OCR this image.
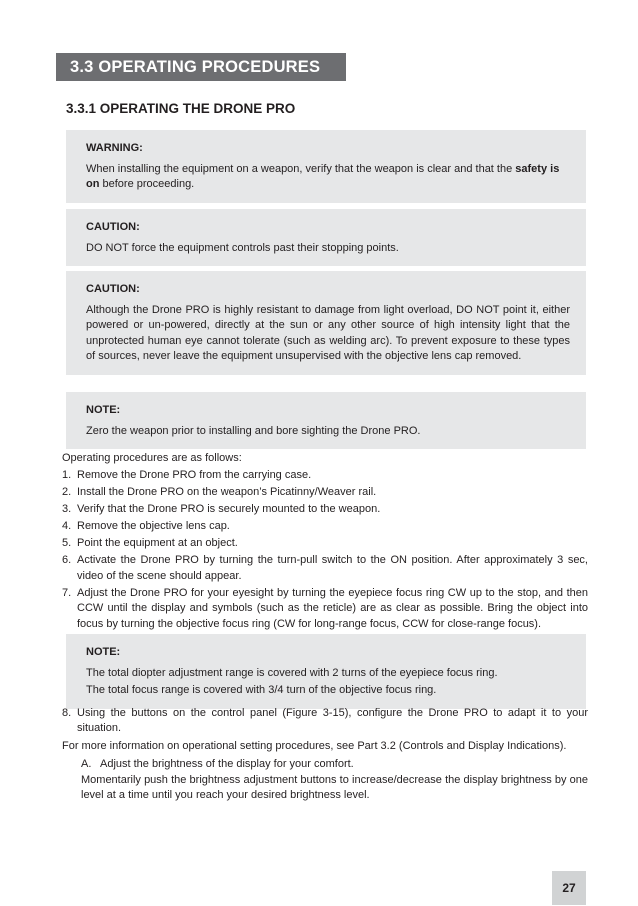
3.3 OPERATING PROCEDURES
3.3.1 OPERATING THE DRONE PRO
WARNING:

When installing the equipment on a weapon, verify that the weapon is clear and that the safety is on before proceeding.

CAUTION:

DO NOT force the equipment controls past their stopping points.

CAUTION:

Although the Drone PRO is highly resistant to damage from light overload, DO NOT point it, either powered or un-powered, directly at the sun or any other source of high intensity light that the unprotected human eye cannot tolerate (such as welding arc). To prevent exposure to these types of sources, never leave the equipment unsupervised with the objective lens cap removed.

NOTE:

Zero the weapon prior to installing and bore sighting the Drone PRO.

Operating procedures are as follows:

1. Remove the Drone PRO from the carrying case.
2. Install the Drone PRO on the weapon’s Picatinny/Weaver rail.
3. Verify that the Drone PRO is securely mounted to the weapon.
4. Remove the objective lens cap.
5. Point the equipment at an object.
6. Activate the Drone PRO by turning the turn-pull switch to the ON position. After approximately 3 sec, video of the scene should appear.
7. Adjust the Drone PRO for your eyesight by turning the eyepiece focus ring CW up to the stop, and then CCW until the display and symbols (such as the reticle) are as clear as possible. Bring the object into focus by turning the objective focus ring (CW for long-range focus, CCW for close-range focus).
NOTE:

The total diopter adjustment range is covered with 2 turns of the eyepiece focus ring.

The total focus range is covered with 3/4 turn of the objective focus ring.

8. Using the buttons on the control panel (Figure 3-15), configure the Drone PRO to adapt it to your situation.

For more information on operational setting procedures, see Part 3.2 (Controls and Display Indications).

A. Adjust the brightness of the display for your comfort.

Momentarily push the brightness adjustment buttons to increase/decrease the display brightness by one level at a time until you reach your desired brightness level.

27
